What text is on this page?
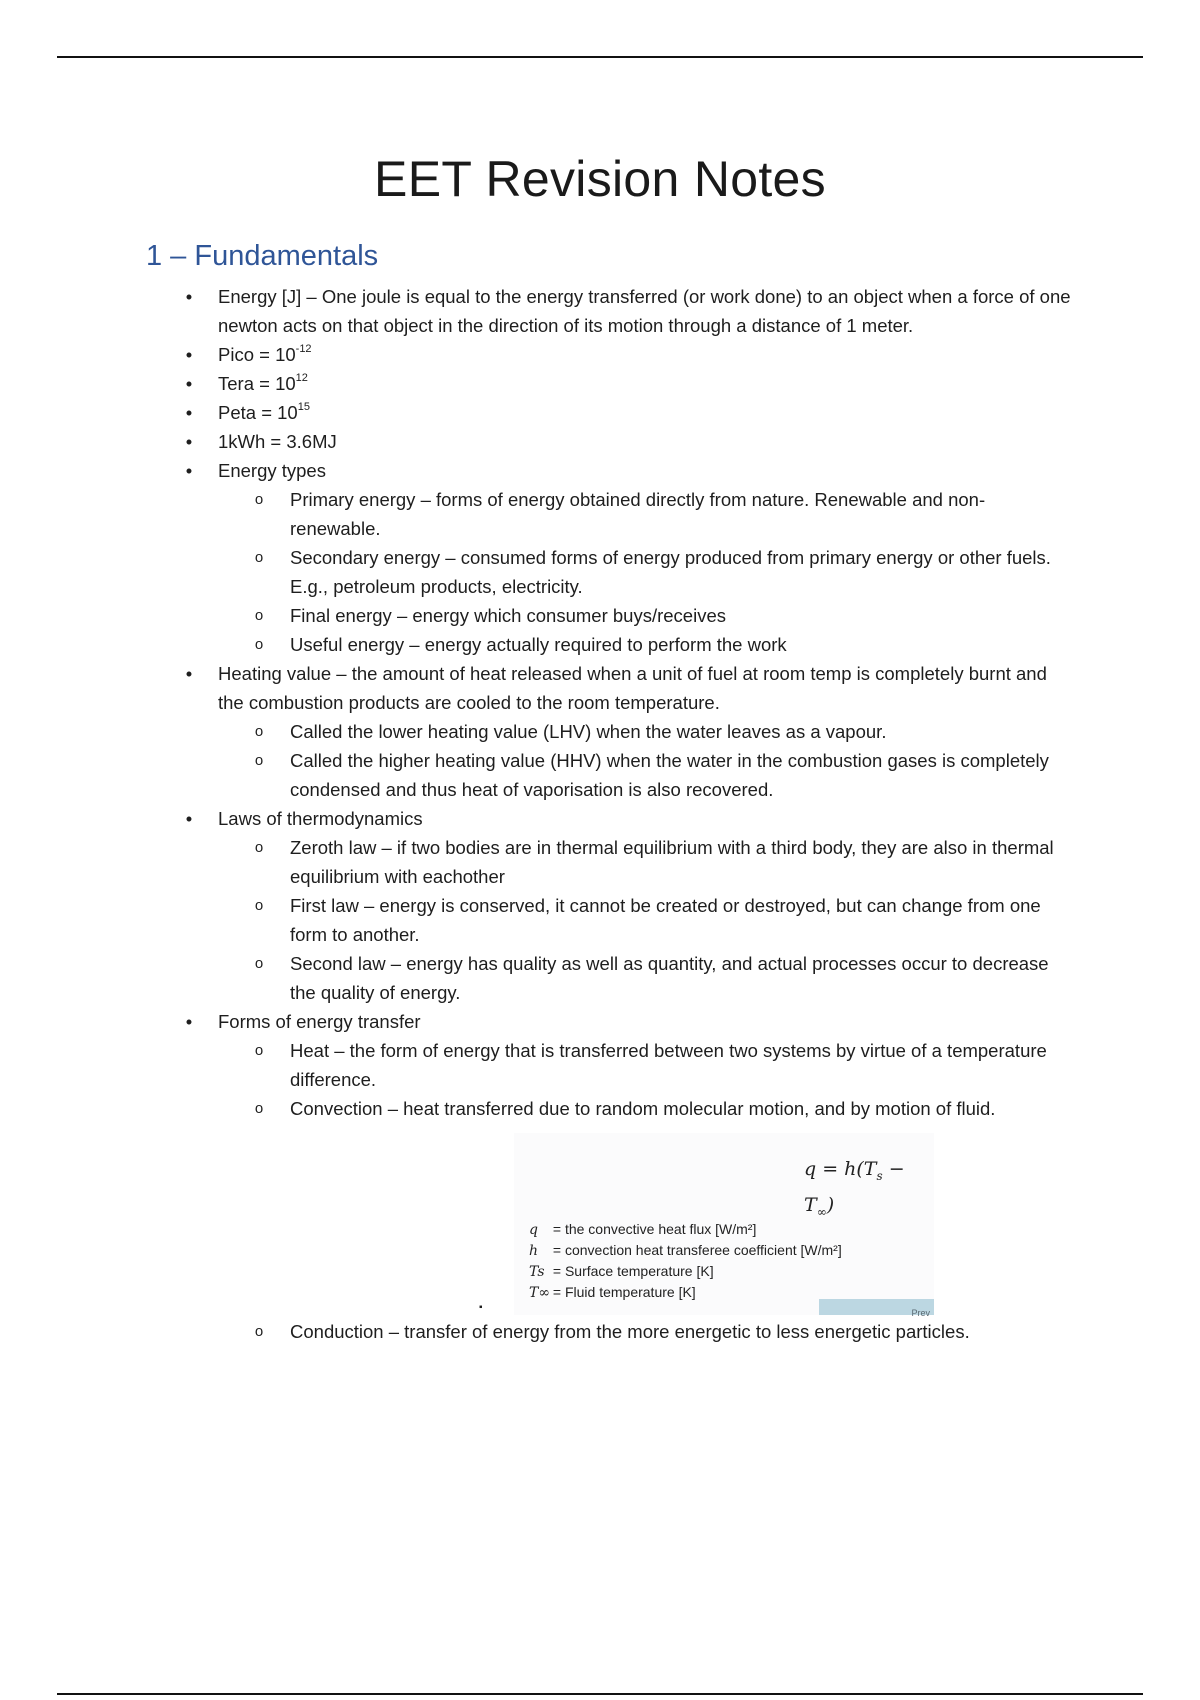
EET Revision Notes
1 – Fundamentals
• Energy [J] – One joule is equal to the energy transferred (or work done) to an object when a force of one newton acts on that object in the direction of its motion through a distance of 1 meter.
• Pico = $10^{-12}$
• Tera = $10^{12}$
• Peta = $10^{15}$
• 1kWh = 3.6MJ
• Energy types
o Primary energy – forms of energy obtained directly from nature. Renewable and non-renewable.
o Secondary energy – consumed forms of energy produced from primary energy or other fuels. E.g., petroleum products, electricity.
o Final energy – energy which consumer buys/receives
o Useful energy – energy actually required to perform the work
• Heating value – the amount of heat released when a unit of fuel at room temp is completely burnt and the combustion products are cooled to the room temperature.
o Called the lower heating value (LHV) when the water leaves as a vapour.
o Called the higher heating value (HHV) when the water in the combustion gases is completely condensed and thus heat of vaporisation is also recovered.
• Laws of thermodynamics
o Zeroth law – if two bodies are in thermal equilibrium with a third body, they are also in thermal equilibrium with eachother
o First law – energy is conserved, it cannot be created or destroyed, but can change from one form to another.
o Second law – energy has quality as well as quantity, and actual processes occur to decrease the quality of energy.
• Forms of energy transfer
o Heat – the form of energy that is transferred between two systems by virtue of a temperature difference.
o Convection – heat transferred due to random molecular motion, and by motion of fluid.
$q = h(T_s - T_\infty)$
q = the convective heat flux [W/m²]
h = convection heat transferee coefficient [W/m²]
Ts = Surface temperature [K]
T∞ = Fluid temperature [K]
▪	Prev
o Conduction – transfer of energy from the more energetic to less energetic particles.
